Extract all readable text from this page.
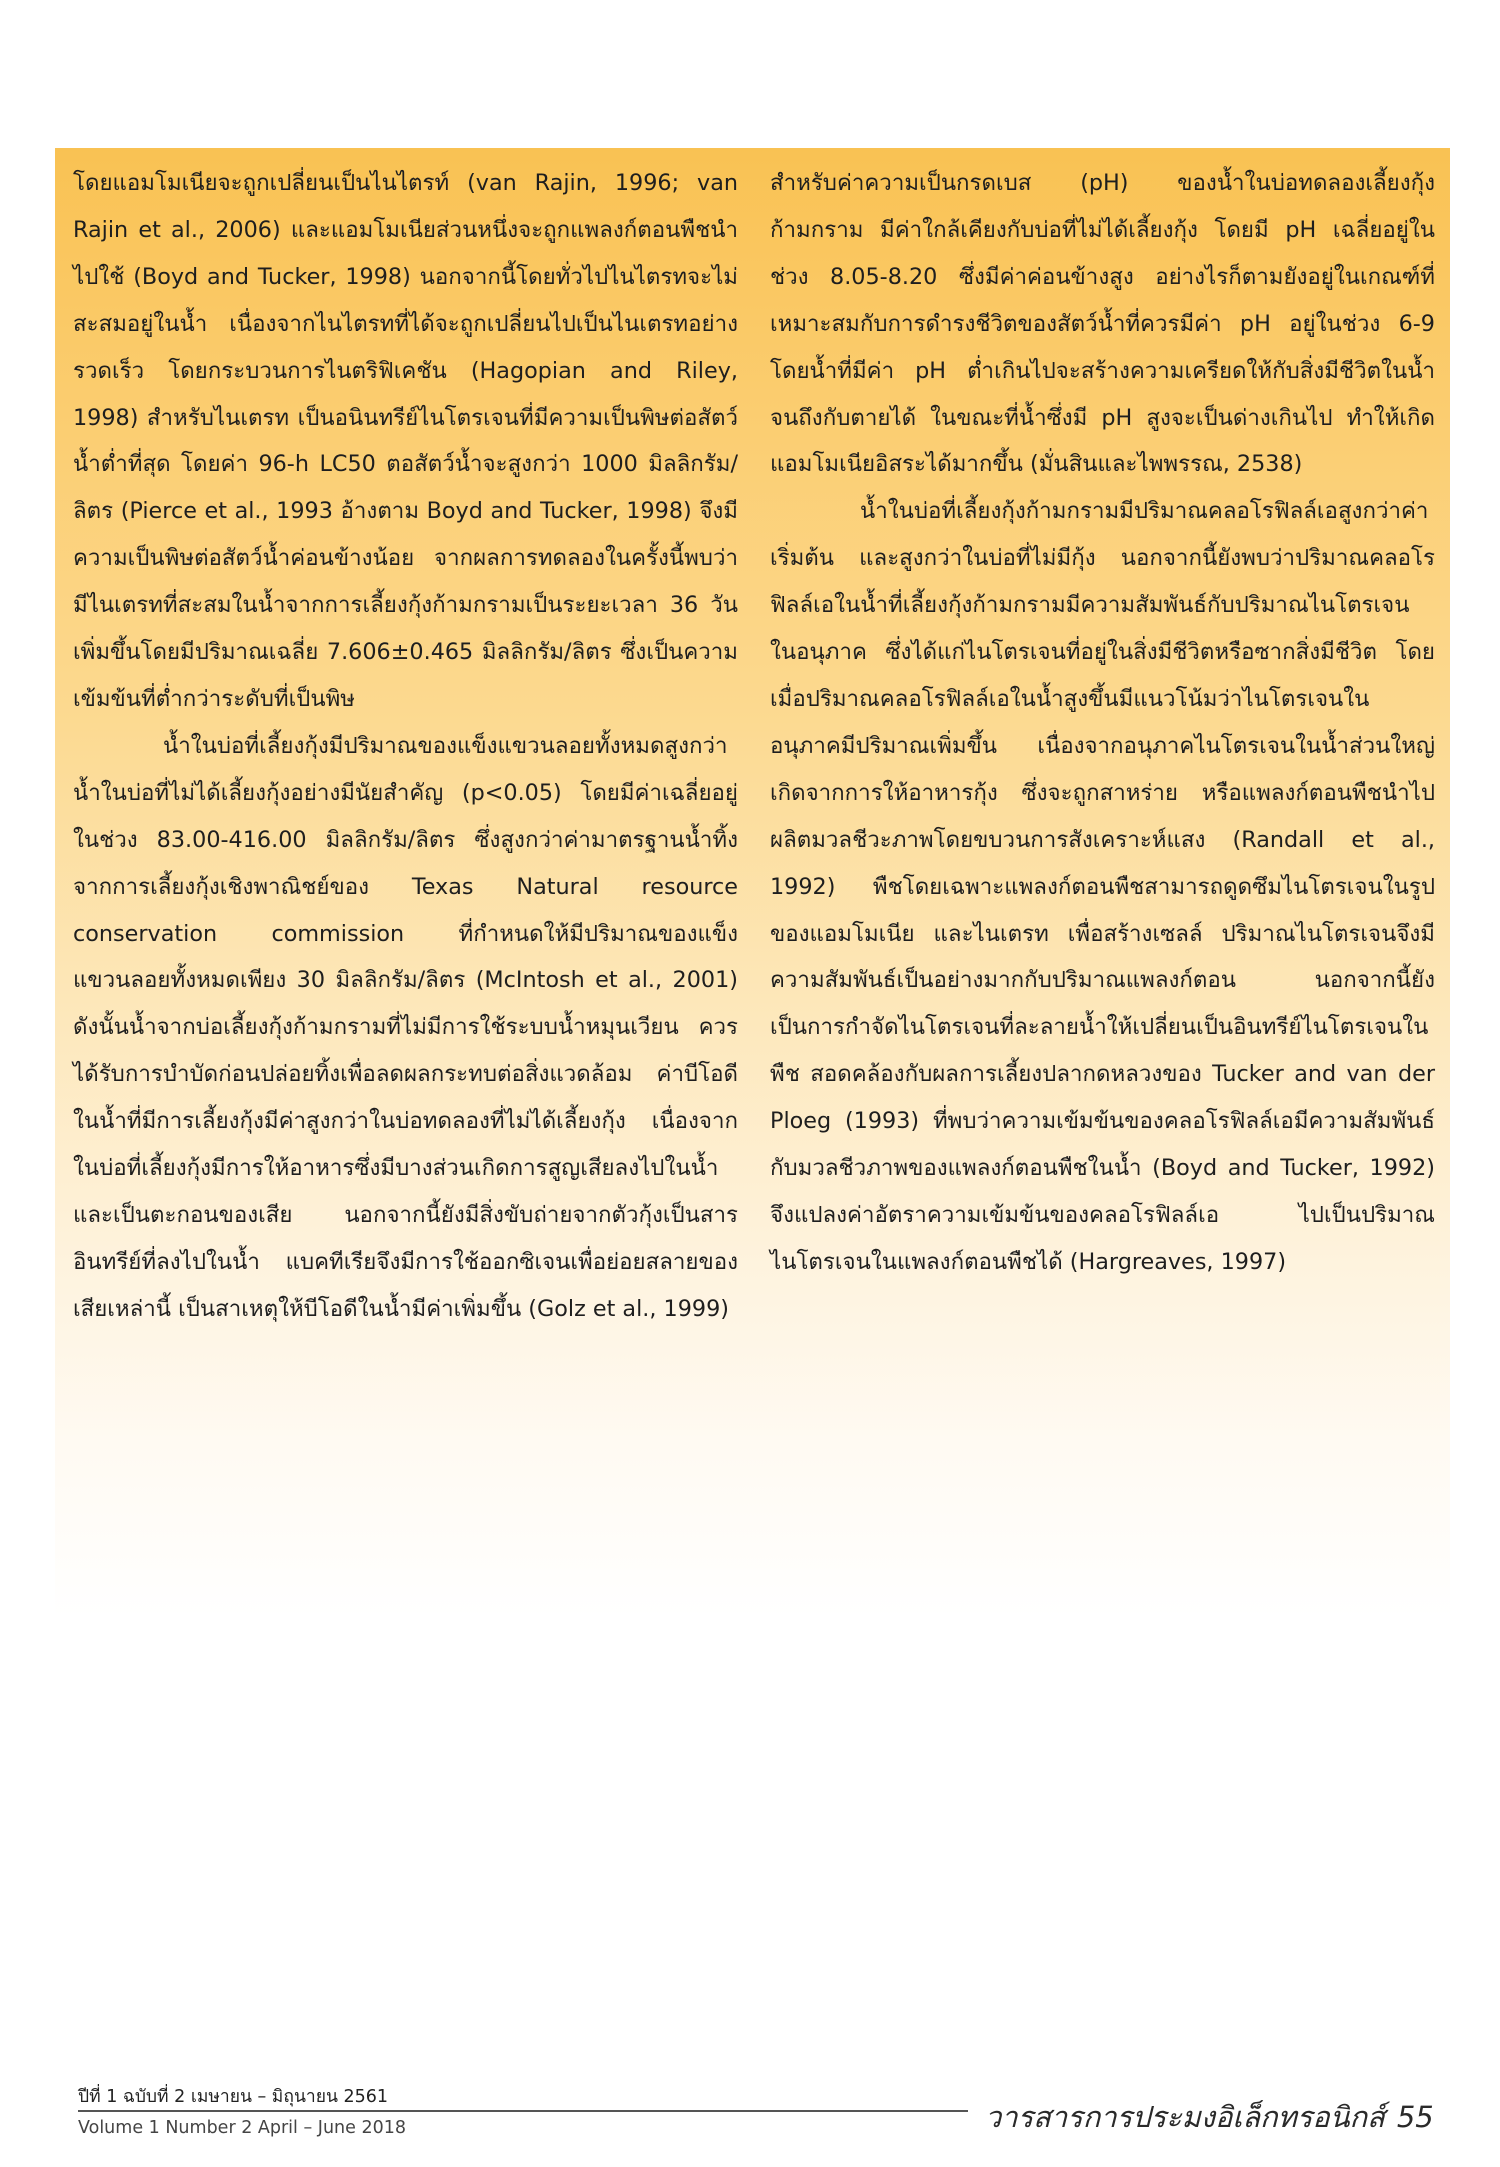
โดยแอมโมเนียจะถูกเปลี่ยนเป็นไนไตรท์ (van Rajin, 1996; van Rajin et al., 2006) และแอมโมเนียส่วนหนึ่งจะถูกแพลงก์ตอนพืชนำไปใช้ (Boyd and Tucker, 1998) นอกจากนี้โดยทั่วไปไนไตรทจะไม่สะสมอยู่ในน้ำ เนื่องจากไนไตรทที่ได้จะถูกเปลี่ยนไปเป็นไนเตรทอย่างรวดเร็ว โดยกระบวนการไนตริฟิเคชัน (Hagopian and Riley, 1998) สำหรับไนเตรท เป็นอนินทรีย์ไนโตรเจนที่มีความเป็นพิษต่อสัตว์น้ำต่ำที่สุด โดยค่า 96-h LC50 ตอสัตว์น้ำจะสูงกว่า 1000 มิลลิกรัม/ลิตร (Pierce et al., 1993 อ้างตาม Boyd and Tucker, 1998) จึงมีความเป็นพิษต่อสัตว์น้ำค่อนข้างน้อย จากผลการทดลองในครั้งนี้พบว่ามีไนเตรทที่สะสมในน้ำจากการเลี้ยงกุ้งก้ามกรามเป็นระยะเวลา 36 วัน เพิ่มขึ้นโดยมีปริมาณเฉลี่ย 7.606±0.465 มิลลิกรัม/ลิตร ซึ่งเป็นความเข้มข้นที่ต่ำกว่าระดับที่เป็นพิษ

น้ำในบ่อที่เลี้ยงกุ้งมีปริมาณของแข็งแขวนลอยทั้งหมดสูงกว่าน้ำในบ่อที่ไม่ได้เลี้ยงกุ้งอย่างมีนัยสำคัญ (p<0.05) โดยมีค่าเฉลี่ยอยู่ในช่วง 83.00-416.00 มิลลิกรัม/ลิตร ซึ่งสูงกว่าค่ามาตรฐานน้ำทิ้งจากการเลี้ยงกุ้งเชิงพาณิชย์ของ Texas Natural resource conservation commission ที่กำหนดให้มีปริมาณของแข็งแขวนลอยทั้งหมดเพียง 30 มิลลิกรัม/ลิตร (McIntosh et al., 2001) ดังนั้นน้ำจากบ่อเลี้ยงกุ้งก้ามกรามที่ไม่มีการใช้ระบบน้ำหมุนเวียน ควรได้รับการบำบัดก่อนปล่อยทิ้งเพื่อลดผลกระทบต่อสิ่งแวดล้อม ค่าบีโอดีในน้ำที่มีการเลี้ยงกุ้งมีค่าสูงกว่าในบ่อทดลองที่ไม่ได้เลี้ยงกุ้ง เนื่องจากในบ่อที่เลี้ยงกุ้งมีการให้อาหารซึ่งมีบางส่วนเกิดการสูญเสียลงไปในน้ำและเป็นตะกอนของเสีย นอกจากนี้ยังมีสิ่งขับถ่ายจากตัวกุ้งเป็นสารอินทรีย์ที่ลงไปในน้ำ แบคทีเรียจึงมีการใช้ออกซิเจนเพื่อย่อยสลายของเสียเหล่านี้ เป็นสาเหตุให้บีโอดีในน้ำมีค่าเพิ่มขึ้น (Golz et al., 1999)

สำหรับค่าความเป็นกรดเบส (pH) ของน้ำในบ่อทดลองเลี้ยงกุ้งก้ามกราม มีค่าใกล้เคียงกับบ่อที่ไม่ได้เลี้ยงกุ้ง โดยมี pH เฉลี่ยอยู่ในช่วง 8.05-8.20 ซึ่งมีค่าค่อนข้างสูง อย่างไรก็ตามยังอยู่ในเกณฑ์ที่เหมาะสมกับการดำรงชีวิตของสัตว์น้ำที่ควรมีค่า pH อยู่ในช่วง 6-9 โดยน้ำที่มีค่า pH ต่ำเกินไปจะสร้างความเครียดให้กับสิ่งมีชีวิตในน้ำจนถึงกับตายได้ ในขณะที่น้ำซึ่งมี pH สูงจะเป็นด่างเกินไป ทำให้เกิดแอมโมเนียอิสระได้มากขึ้น (มั่นสินและไพพรรณ, 2538)

น้ำในบ่อที่เลี้ยงกุ้งก้ามกรามมีปริมาณคลอโรฟิลล์เอสูงกว่าค่าเริ่มต้น และสูงกว่าในบ่อที่ไม่มีกุ้ง นอกจากนี้ยังพบว่าปริมาณคลอโรฟิลล์เอในน้ำที่เลี้ยงกุ้งก้ามกรามมีความสัมพันธ์กับปริมาณไนโตรเจนในอนุภาค ซึ่งได้แก่ไนโตรเจนที่อยู่ในสิ่งมีชีวิตหรือซากสิ่งมีชีวิต โดยเมื่อปริมาณคลอโรฟิลล์เอในน้ำสูงขึ้นมีแนวโน้มว่าไนโตรเจนในอนุภาคมีปริมาณเพิ่มขึ้น เนื่องจากอนุภาคไนโตรเจนในน้ำส่วนใหญ่เกิดจากการให้อาหารกุ้ง ซึ่งจะถูกสาหร่าย หรือแพลงก์ตอนพืชนำไปผลิตมวลชีวะภาพโดยขบวนการสังเคราะห์แสง (Randall et al., 1992) พืชโดยเฉพาะแพลงก์ตอนพืชสามารถดูดซึมไนโตรเจนในรูปของแอมโมเนีย และไนเตรท เพื่อสร้างเซลล์ ปริมาณไนโตรเจนจึงมีความสัมพันธ์เป็นอย่างมากกับปริมาณแพลงก์ตอน นอกจากนี้ยังเป็นการกำจัดไนโตรเจนที่ละลายน้ำให้เปลี่ยนเป็นอินทรีย์ไนโตรเจนในพืช สอดคล้องกับผลการเลี้ยงปลากดหลวงของ Tucker and van der Ploeg (1993) ที่พบว่าความเข้มข้นของคลอโรฟิลล์เอมีความสัมพันธ์กับมวลชีวภาพของแพลงก์ตอนพืชในน้ำ (Boyd and Tucker, 1992) จึงแปลงค่าอัตราความเข้มข้นของคลอโรฟิลล์เอ ไปเป็นปริมาณไนโตรเจนในแพลงก์ตอนพืชได้ (Hargreaves, 1997)

ปีที่ 1 ฉบับที่ 2 เมษายน – มิถุนายน 2561
Volume 1 Number 2 April – June 2018	วารสารการประมงอิเล็กทรอนิกส์ 55
